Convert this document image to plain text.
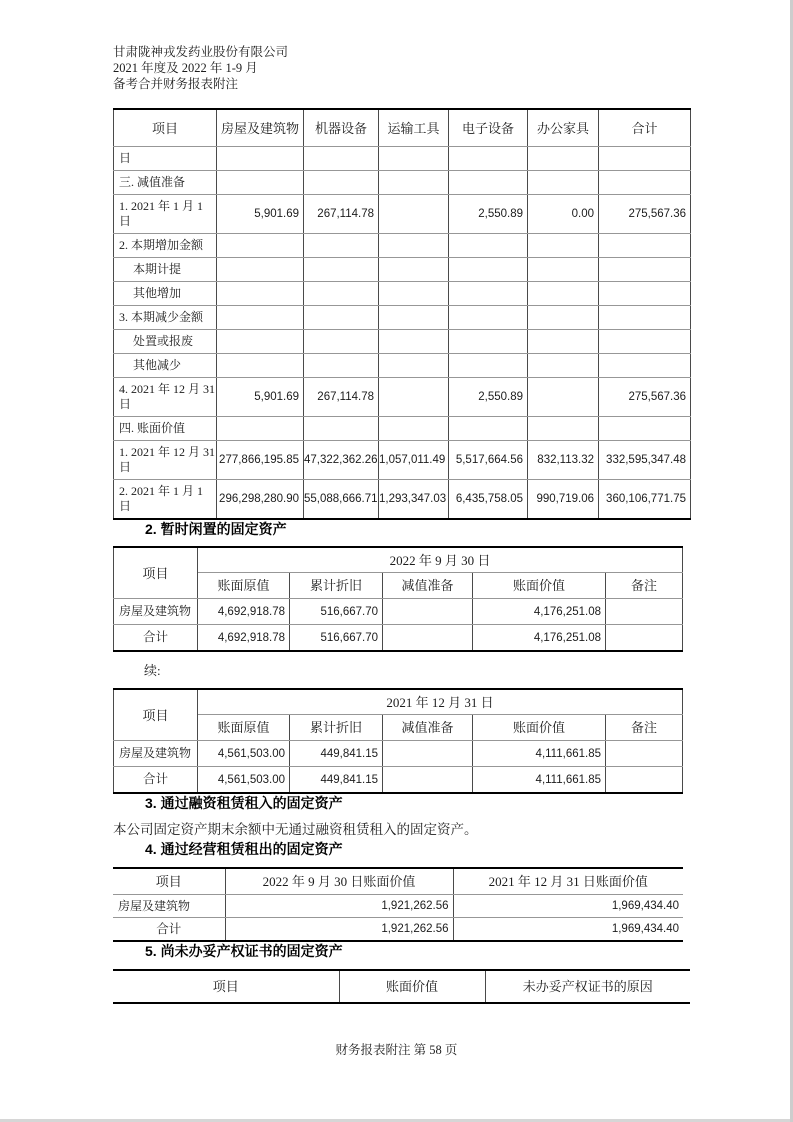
甘肃陇神戎发药业股份有限公司
2021 年度及 2022 年 1-9 月
备考合并财务报表附注
项目	房屋及建筑物	机器设备	运输工具	电子设备	办公家具	合计
日						
三. 减值准备						
1. 2021 年 1 月 1 日	5,901.69	267,114.78		2,550.89	0.00	275,567.36
2. 本期增加金额						
本期计提						
其他增加						
3. 本期减少金额						
处置或报废						
其他减少						
4. 2021 年 12 月 31 日	5,901.69	267,114.78		2,550.89		275,567.36
四. 账面价值						
1. 2021 年 12 月 31 日	277,866,195.85	47,322,362.26	1,057,011.49	5,517,664.56	832,113.32	332,595,347.48
2. 2021 年 1 月 1 日	296,298,280.90	55,088,666.71	1,293,347.03	6,435,758.05	990,719.06	360,106,771.75
2. 暂时闲置的固定资产
项目	2022 年 9 月 30 日				
	账面原值	累计折旧	减值准备	账面价值	备注
房屋及建筑物	4,692,918.78	516,667.70		4,176,251.08	
合计	4,692,918.78	516,667.70		4,176,251.08	
续:
项目	2021 年 12 月 31 日				
	账面原值	累计折旧	减值准备	账面价值	备注
房屋及建筑物	4,561,503.00	449,841.15		4,111,661.85	
合计	4,561,503.00	449,841.15		4,111,661.85	
3. 通过融资租赁租入的固定资产

本公司固定资产期末余额中无通过融资租赁租入的固定资产。

4. 通过经营租赁租出的固定资产
项目	2022 年 9 月 30 日账面价值	2021 年 12 月 31 日账面价值
房屋及建筑物	1,921,262.56	1,969,434.40
合计	1,921,262.56	1,969,434.40
5. 尚未办妥产权证书的固定资产
项目	账面价值	未办妥产权证书的原因
财务报表附注 第 58 页
